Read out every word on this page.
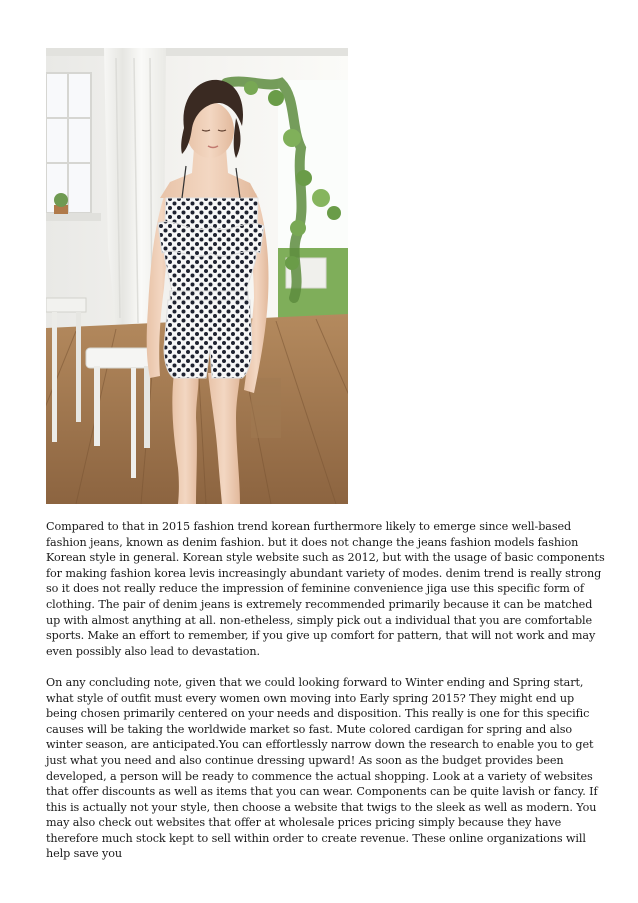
Compared to that in 2015 fashion trend korean furthermore likely to emerge since well-based fashion jeans, known as denim fashion. but it does not change the jeans fashion models fashion Korean style in general. Korean style website such as 2012, but with the usage of basic components for making fashion korea levis increasingly abundant variety of modes. denim trend is really strong so it does not really reduce the impression of feminine convenience jiga use this specific form of clothing. The pair of denim jeans is extremely recommended primarily because it can be matched up with almost anything at all. non-etheless, simply pick out a individual that you are comfortable sports. Make an effort to remember, if you give up comfort for pattern, that will not work and may even possibly also lead to devastation.

On any concluding note, given that we could looking forward to Winter ending and Spring start, what style of outfit must every women own moving into Early spring 2015? They might end up being chosen primarily centered on your needs and disposition. This really is one for this specific causes will be taking the worldwide market so fast. Mute colored cardigan for spring and also winter season, are anticipated.You can effortlessly narrow down the research to enable you to get just what you need and also continue dressing upward! As soon as the budget provides been developed, a person will be ready to commence the actual shopping. Look at a variety of websites that offer discounts as well as items that you can wear. Components can be quite lavish or fancy. If this is actually not your style, then choose a website that twigs to the sleek as well as modern. You may also check out websites that offer at wholesale prices pricing simply because they have therefore much stock kept to sell within order to create revenue. These online organizations will help save you
